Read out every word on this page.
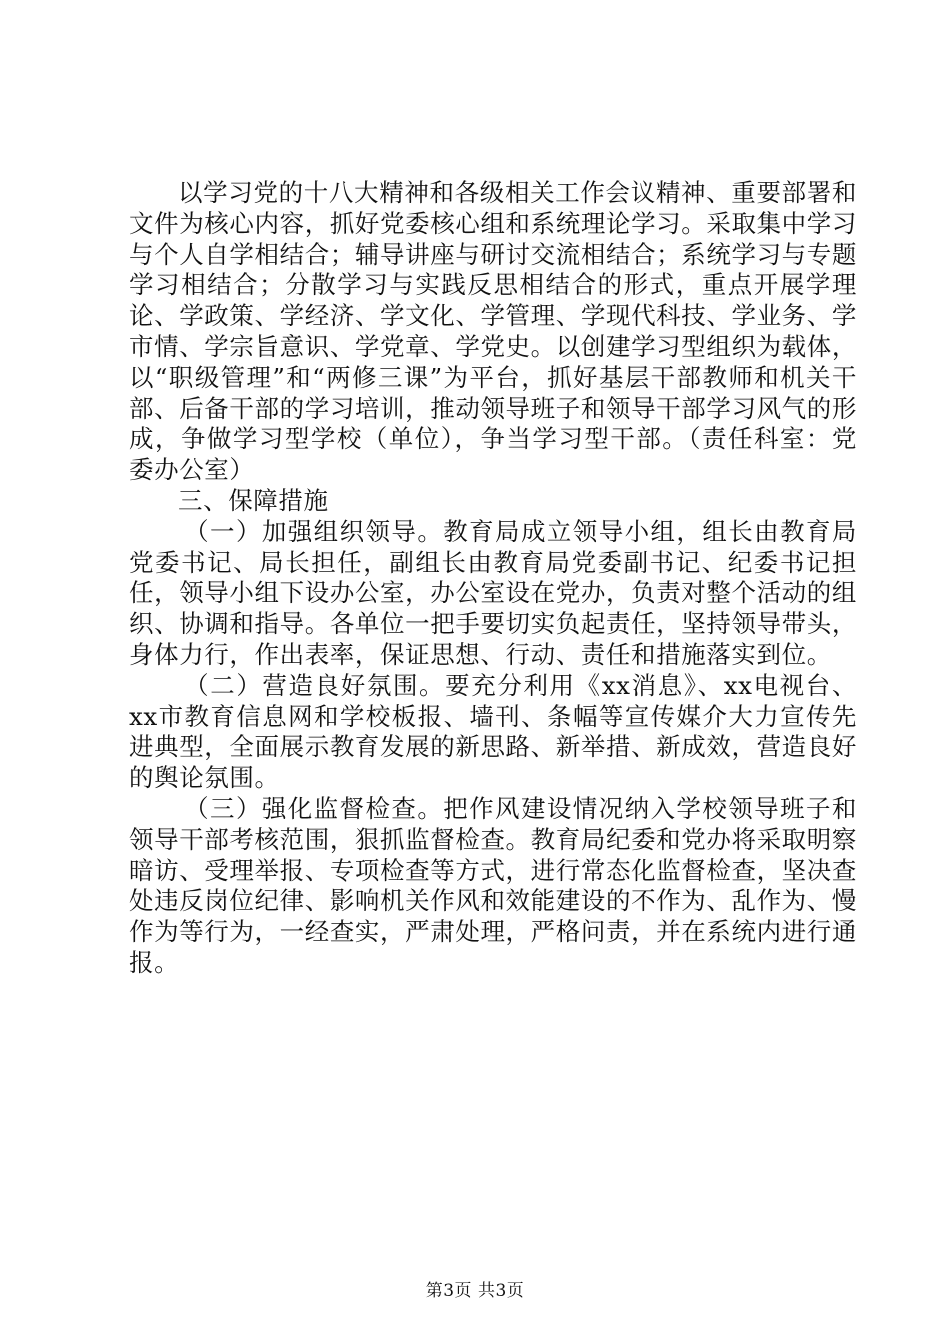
以学习党的十八大精神和各级相关工作会议精神、重要部署和文件为核心内容，抓好党委核心组和系统理论学习。采取集中学习与个人自学相结合；辅导讲座与研讨交流相结合；系统学习与专题学习相结合；分散学习与实践反思相结合的形式，重点开展学理论、学政策、学经济、学文化、学管理、学现代科技、学业务、学市情、学宗旨意识、学党章、学党史。以创建学习型组织为载体，以“职级管理”和“两修三课”为平台，抓好基层干部教师和机关干部、后备干部的学习培训，推动领导班子和领导干部学习风气的形成，争做学习型学校（单位），争当学习型干部。（责任科室：党委办公室）

三、保障措施

（一）加强组织领导。教育局成立领导小组，组长由教育局党委书记、局长担任，副组长由教育局党委副书记、纪委书记担任，领导小组下设办公室，办公室设在党办，负责对整个活动的组织、协调和指导。各单位一把手要切实负起责任，坚持领导带头，身体力行，作出表率，保证思想、行动、责任和措施落实到位。

（二）营造良好氛围。要充分利用《xx消息》、xx电视台、xx市教育信息网和学校板报、墙刊、条幅等宣传媒介大力宣传先进典型，全面展示教育发展的新思路、新举措、新成效，营造良好的舆论氛围。

（三）强化监督检查。把作风建设情况纳入学校领导班子和领导干部考核范围，狠抓监督检查。教育局纪委和党办将采取明察暗访、受理举报、专项检查等方式，进行常态化监督检查，坚决查处违反岗位纪律、影响机关作风和效能建设的不作为、乱作为、慢作为等行为，一经查实，严肃处理，严格问责，并在系统内进行通报。

第3页 共3页
